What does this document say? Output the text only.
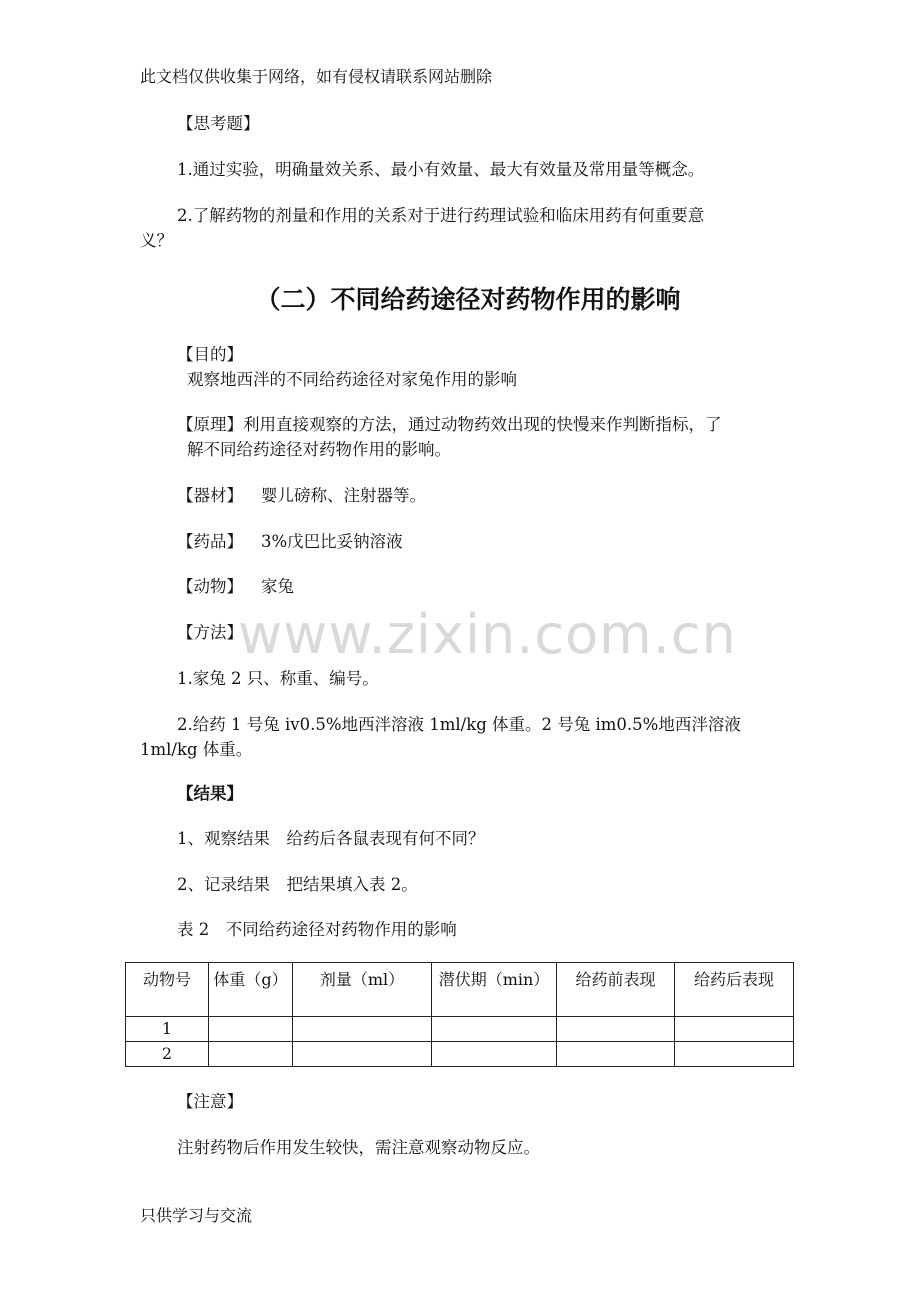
www.zixin.com.cn
此文档仅供收集于网络，如有侵权请联系网站删除
【思考题】
1.通过实验，明确量效关系、最小有效量、最大有效量及常用量等概念。
2.了解药物的剂量和作用的关系对于进行药理试验和临床用药有何重要意
义？
（二）不同给药途径对药物作用的影响
【目的】
观察地西泮的不同给药途径对家兔作用的影响
【原理】利用直接观察的方法，通过动物药效出现的快慢来作判断指标，了
解不同给药途径对药物作用的影响。
【器材】 婴儿磅称、注射器等。
【药品】 3%戊巴比妥钠溶液
【动物】 家兔
【方法】
1.家兔 2 只、称重、编号。
2.给药 1 号兔 iv0.5%地西泮溶液 1ml/kg 体重。2 号兔 im0.5%地西泮溶液
1ml/kg 体重。
【结果】
1、观察结果　给药后各鼠表现有何不同？
2、记录结果　把结果填入表 2。
表 2　不同给药途径对药物作用的影响
动物号	体重（g）	剂量（ml）	潜伏期（min）	给药前表现	给药后表现
1					
2					
【注意】
注射药物后作用发生较快，需注意观察动物反应。
只供学习与交流
